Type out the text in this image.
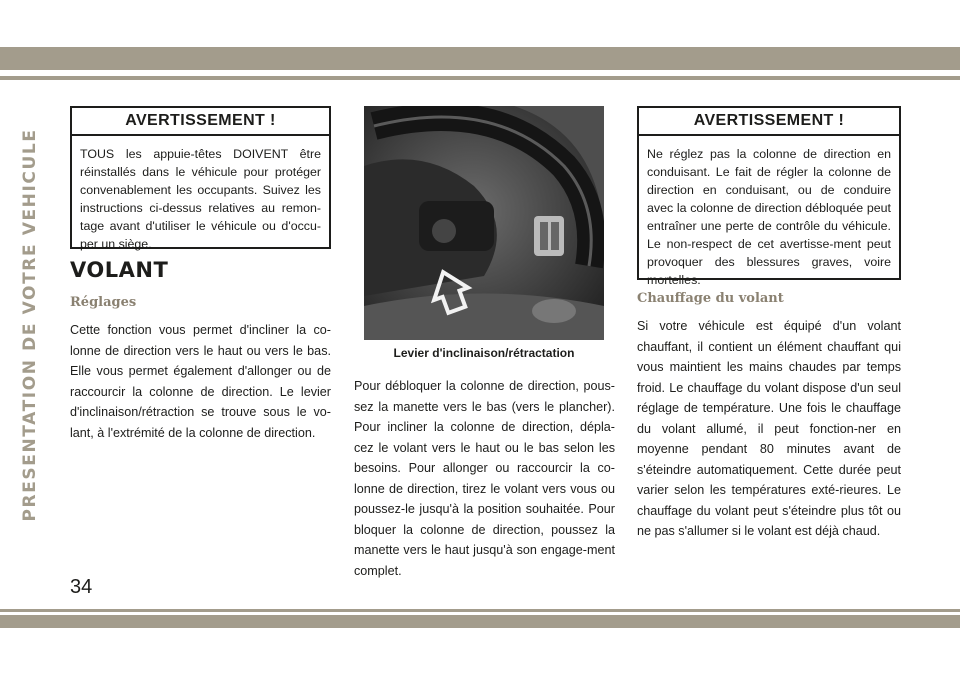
PRESENTATION DE VOTRE VEHICULE
AVERTISSEMENT !
TOUS les appuie-têtes DOIVENT être réinstallés dans le véhicule pour protéger convenablement les occupants. Suivez les instructions ci-dessus relatives au remon-tage avant d'utiliser le véhicule ou d'occu-per un siège.
VOLANT
Réglages
Cette fonction vous permet d'incliner la co-lonne de direction vers le haut ou vers le bas. Elle vous permet également d'allonger ou de raccourcir la colonne de direction. Le levier d'inclinaison/rétraction se trouve sous le vo-lant, à l'extrémité de la colonne de direction.
Levier d'inclinaison/rétractation
Pour débloquer la colonne de direction, pous-sez la manette vers le bas (vers le plancher). Pour incliner la colonne de direction, dépla-cez le volant vers le haut ou le bas selon les besoins. Pour allonger ou raccourcir la co-lonne de direction, tirez le volant vers vous ou poussez-le jusqu'à la position souhaitée. Pour bloquer la colonne de direction, poussez la manette vers le haut jusqu'à son engage-ment complet.
AVERTISSEMENT !
Ne réglez pas la colonne de direction en conduisant. Le fait de régler la colonne de direction en conduisant, ou de conduire avec la colonne de direction débloquée peut entraîner une perte de contrôle du véhicule. Le non-respect de cet avertisse-ment peut provoquer des blessures graves, voire mortelles.
Chauffage du volant
Si votre véhicule est équipé d'un volant chauffant, il contient un élément chauffant qui vous maintient les mains chaudes par temps froid. Le chauffage du volant dispose d'un seul réglage de température. Une fois le chauffage du volant allumé, il peut fonction-ner en moyenne pendant 80 minutes avant de s'éteindre automatiquement. Cette durée peut varier selon les températures exté-rieures. Le chauffage du volant peut s'éteindre plus tôt ou ne pas s'allumer si le volant est déjà chaud.
34
